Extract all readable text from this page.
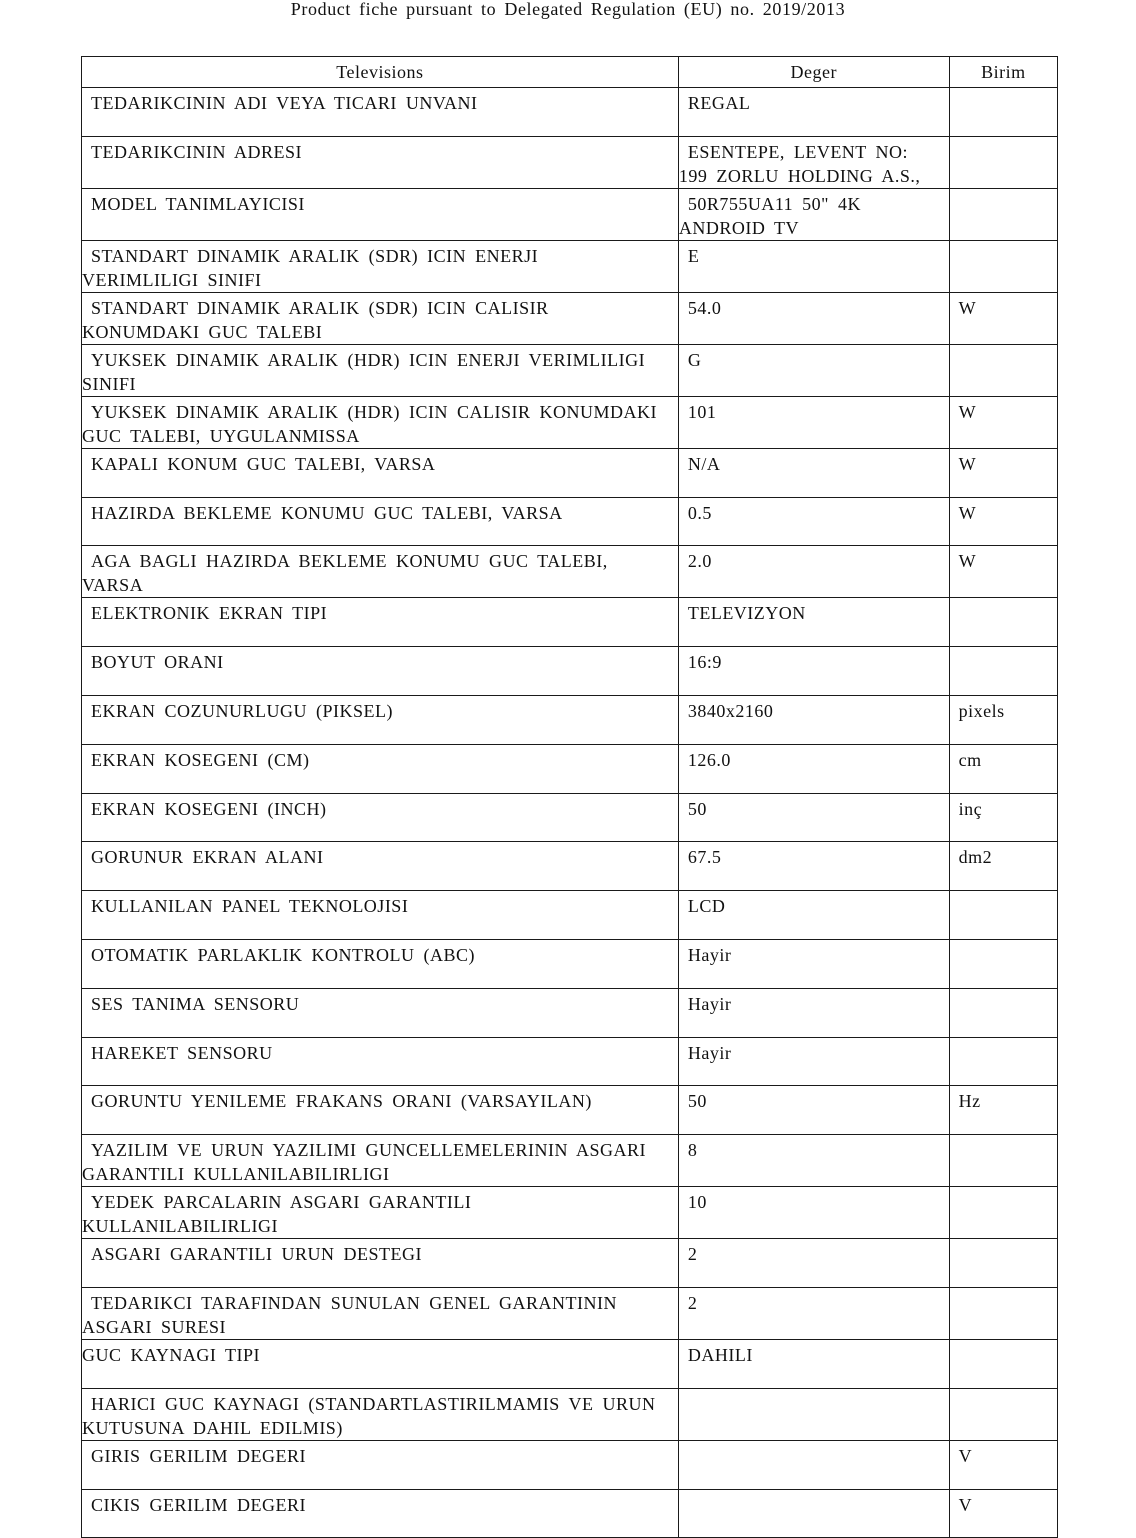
Product fiche pursuant to Delegated Regulation (EU) no. 2019/2013
Televisions	Deger	Birim

TEDARIKCININ ADI VEYA TICARI UNVANI	REGAL	

TEDARIKCININ ADRESI	ESENTEPE, LEVENT NO:
199 ZORLU HOLDING A.S.,	

MODEL TANIMLAYICISI	50R755UA11 50" 4K
ANDROID TV	

STANDART DINAMIK ARALIK (SDR) ICIN ENERJI
VERIMLILIGI SINIFI	E	

STANDART DINAMIK ARALIK (SDR) ICIN CALISIR
KONUMDAKI GUC TALEBI	54.0	W

YUKSEK DINAMIK ARALIK (HDR) ICIN ENERJI VERIMLILIGI
SINIFI	G	

YUKSEK DINAMIK ARALIK (HDR) ICIN CALISIR KONUMDAKI
GUC TALEBI, UYGULANMISSA	101	W

KAPALI KONUM GUC TALEBI, VARSA	N/A	W

HAZIRDA BEKLEME KONUMU GUC TALEBI, VARSA	0.5	W

AGA BAGLI HAZIRDA BEKLEME KONUMU GUC TALEBI,
VARSA	2.0	W

ELEKTRONIK EKRAN TIPI	TELEVIZYON	

BOYUT ORANI	16:9	

EKRAN COZUNURLUGU (PIKSEL)	3840x2160	pixels

EKRAN KOSEGENI (CM)	126.0	cm

EKRAN KOSEGENI (INCH)	50	inç

GORUNUR EKRAN ALANI	67.5	dm2

KULLANILAN PANEL TEKNOLOJISI	LCD	

OTOMATIK PARLAKLIK KONTROLU (ABC)	Hayir	

SES TANIMA SENSORU	Hayir	

HAREKET SENSORU	Hayir	

GORUNTU YENILEME FRAKANS ORANI (VARSAYILAN)	50	Hz

YAZILIM VE URUN YAZILIMI GUNCELLEMELERININ ASGARI
GARANTILI KULLANILABILIRLIGI	8	

YEDEK PARCALARIN ASGARI GARANTILI
KULLANILABILIRLIGI	10	

ASGARI GARANTILI URUN DESTEGI	2	

TEDARIKCI TARAFINDAN SUNULAN GENEL GARANTININ
ASGARI SURESI	2	

GUC KAYNAGI TIPI	DAHILI	

HARICI GUC KAYNAGI (STANDARTLASTIRILMAMIS VE URUN
KUTUSUNA DAHIL EDILMIS)		

GIRIS GERILIM DEGERI		V

CIKIS GERILIM DEGERI		V
